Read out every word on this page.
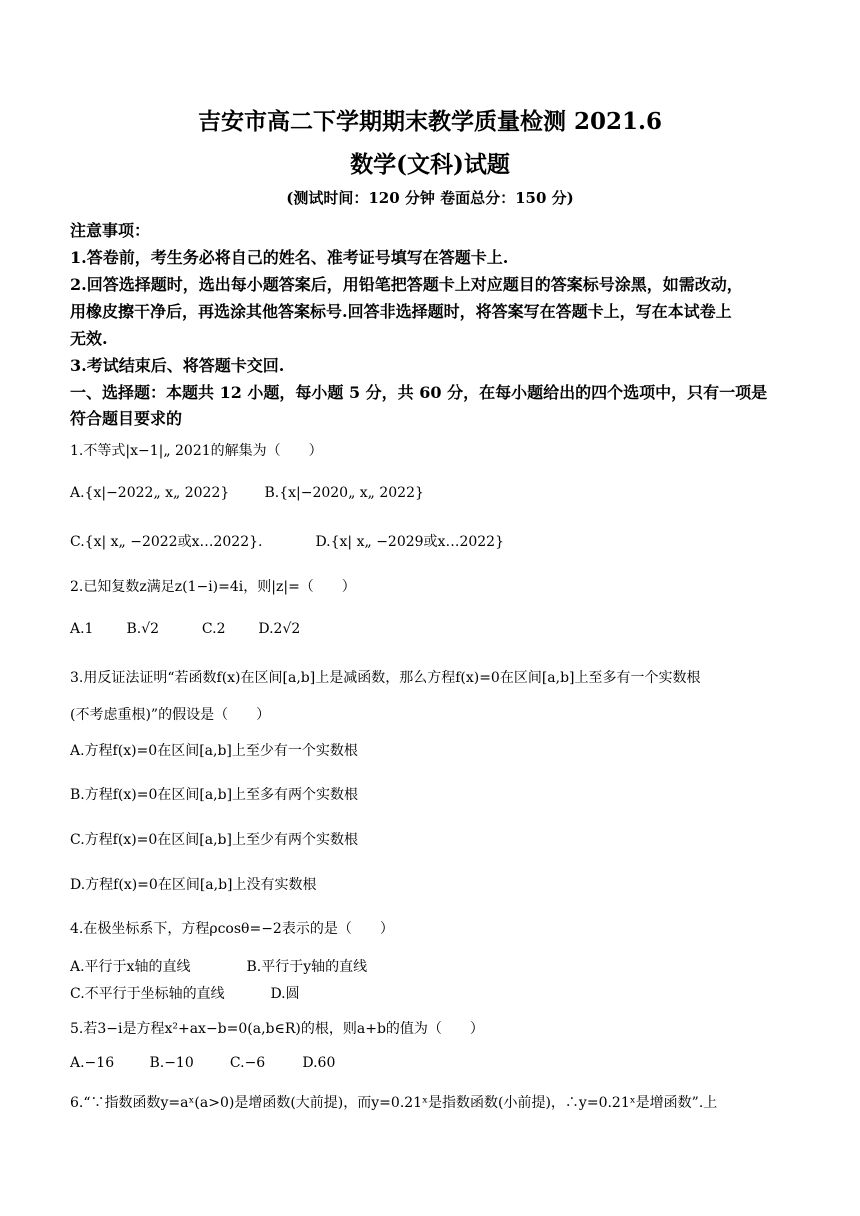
吉安市高二下学期期末教学质量检测 2021.6
数学(文科)试题
(测试时间：120 分钟 卷面总分：150 分)
注意事项：
1.答卷前，考生务必将自己的姓名、准考证号填写在答题卡上.
2.回答选择题时，选出每小题答案后，用铅笔把答题卡上对应题目的答案标号涂黑，如需改动，
用橡皮擦干净后，再选涂其他答案标号.回答非选择题时，将答案写在答题卡上，写在本试卷上
无效.
3.考试结束后、将答题卡交回.
一、选择题：本题共 12 小题，每小题 5 分，共 60 分，在每小题给出的四个选项中，只有一项是
符合题目要求的
1.不等式|x−1|„ 2021的解集为（　　）
A.{x|−2022„ x„ 2022}	B.{x|−2020„ x„ 2022}
C.{x| x„ −2022或x…2022}.	D.{x| x„ −2029或x…2022}
2.已知复数z满足z(1−i)=4i，则|z|=（　　）
A.1 B.√2	C.2 D.2√2
3.用反证法证明“若函数f(x)在区间[a,b]上是减函数，那么方程f(x)=0在区间[a,b]上至多有一个实数根
(不考虑重根)”的假设是（　　）
A.方程f(x)=0在区间[a,b]上至少有一个实数根
B.方程f(x)=0在区间[a,b]上至多有两个实数根
C.方程f(x)=0在区间[a,b]上至少有两个实数根
D.方程f(x)=0在区间[a,b]上没有实数根
4.在极坐标系下，方程ρcosθ=−2表示的是（　　）
A.平行于x轴的直线	B.平行于y轴的直线
C.不平行于坐标轴的直线	D.圆
5.若3−i是方程x²+ax−b=0(a,b∈R)的根，则a+b的值为（　　）
A.−16	B.−10	C.−6	D.60
6.“∵指数函数y=aˣ(a>0)是增函数(大前提)，而y=0.21ˣ是指数函数(小前提)，∴y=0.21ˣ是增函数”.上
